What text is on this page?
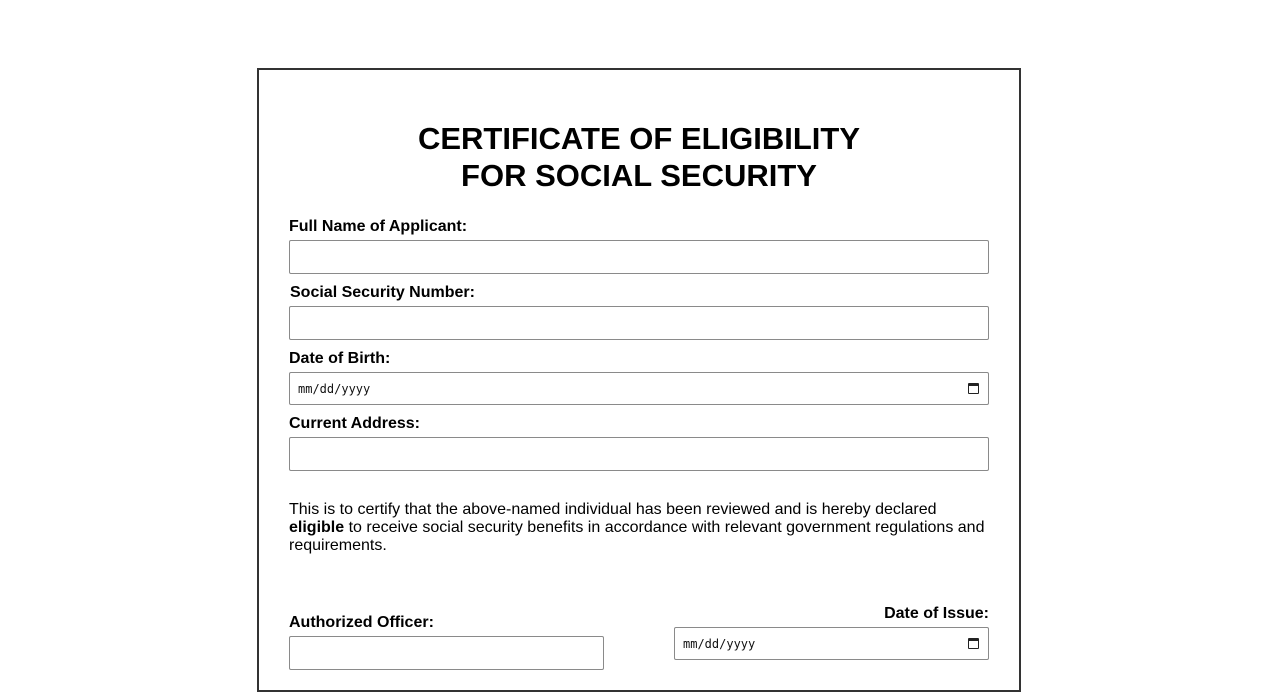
CERTIFICATE OF ELIGIBILITY
FOR SOCIAL SECURITY
Full Name of Applicant:
Social Security Number:
Date of Birth:
mm/dd/yyyy
Current Address:

This is to certify that the above-named individual has been reviewed and is hereby declared eligible to receive social security benefits in accordance with relevant government regulations and requirements.

Authorized Officer:
Date of Issue:
mm/dd/yyyy
